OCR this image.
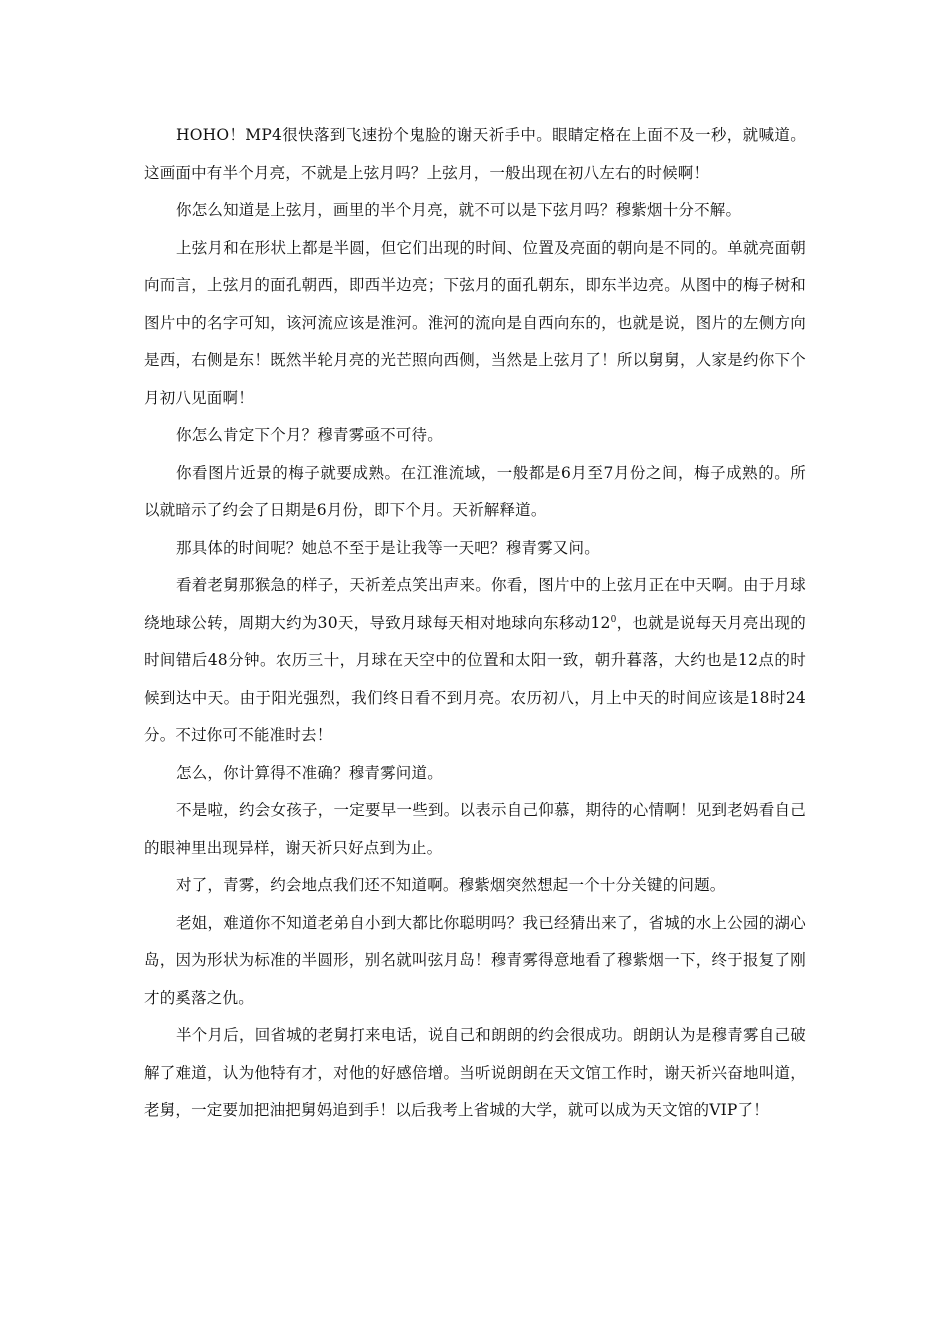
HOHO！MP4很快落到飞速扮个鬼脸的谢天祈手中。眼睛定格在上面不及一秒，就喊道。这画面中有半个月亮，不就是上弦月吗？上弦月，一般出现在初八左右的时候啊！

你怎么知道是上弦月，画里的半个月亮，就不可以是下弦月吗？穆紫烟十分不解。

上弦月和在形状上都是半圆，但它们出现的时间、位置及亮面的朝向是不同的。单就亮面朝向而言，上弦月的面孔朝西，即西半边亮；下弦月的面孔朝东，即东半边亮。从图中的梅子树和图片中的名字可知，该河流应该是淮河。淮河的流向是自西向东的，也就是说，图片的左侧方向是西，右侧是东！既然半轮月亮的光芒照向西侧，当然是上弦月了！所以舅舅，人家是约你下个月初八见面啊！

你怎么肯定下个月？穆青雾亟不可待。

你看图片近景的梅子就要成熟。在江淮流域，一般都是6月至7月份之间，梅子成熟的。所以就暗示了约会了日期是6月份，即下个月。天祈解释道。

那具体的时间呢？她总不至于是让我等一天吧？穆青雾又问。

看着老舅那猴急的样子，天祈差点笑出声来。你看，图片中的上弦月正在中天啊。由于月球绕地球公转，周期大约为30天，导致月球每天相对地球向东移动$12^0$，也就是说每天月亮出现的时间错后48分钟。农历三十，月球在天空中的位置和太阳一致，朝升暮落，大约也是12点的时候到达中天。由于阳光强烈，我们终日看不到月亮。农历初八，月上中天的时间应该是18时24分。不过你可不能准时去！

怎么，你计算得不准确？穆青雾问道。

不是啦，约会女孩子，一定要早一些到。以表示自己仰慕，期待的心情啊！见到老妈看自己的眼神里出现异样，谢天祈只好点到为止。

对了，青雾，约会地点我们还不知道啊。穆紫烟突然想起一个十分关键的问题。

老姐，难道你不知道老弟自小到大都比你聪明吗？我已经猜出来了，省城的水上公园的湖心岛，因为形状为标准的半圆形，别名就叫弦月岛！穆青雾得意地看了穆紫烟一下，终于报复了刚才的奚落之仇。

半个月后，回省城的老舅打来电话，说自己和朗朗的约会很成功。朗朗认为是穆青雾自己破解了难道，认为他特有才，对他的好感倍增。当听说朗朗在天文馆工作时，谢天祈兴奋地叫道，老舅，一定要加把油把舅妈追到手！以后我考上省城的大学，就可以成为天文馆的VIP了！
